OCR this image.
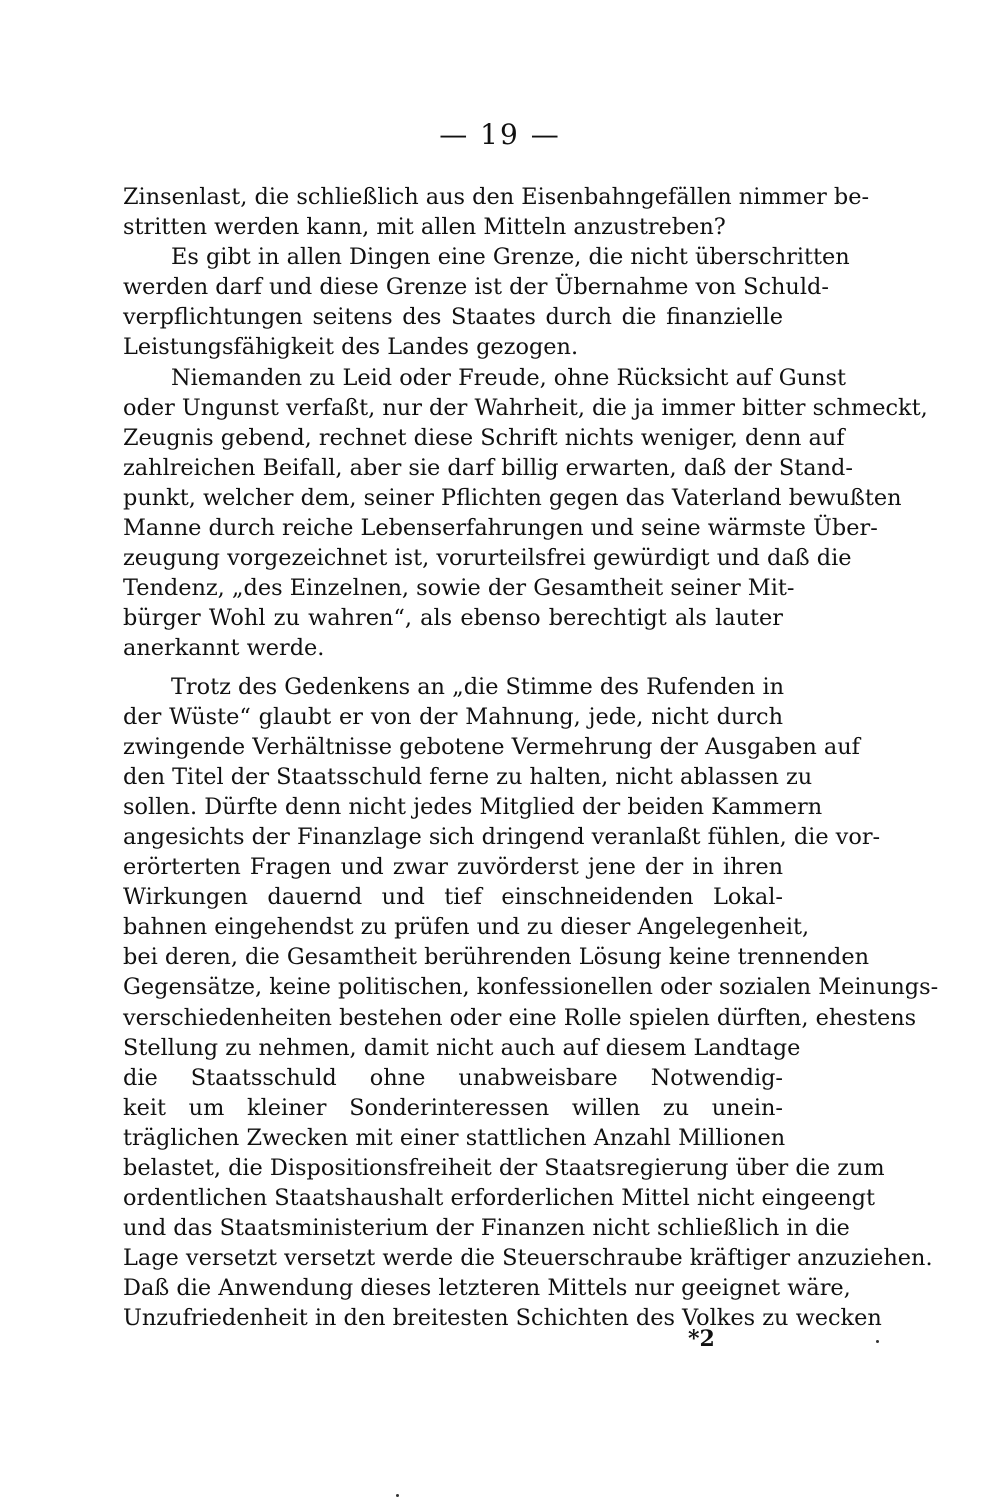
— 19 —
Zinsenlast, die schließlich aus den Eisenbahngefällen nimmer be-
stritten werden kann, mit allen Mitteln anzustreben?
Es gibt in allen Dingen eine Grenze, die nicht überschritten
werden darf und diese Grenze ist der Übernahme von Schuld-
verpflichtungen seitens des Staates durch die finanzielle
Leistungsfähigkeit des Landes gezogen.
Niemanden zu Leid oder Freude, ohne Rücksicht auf Gunst
oder Ungunst verfaßt, nur der Wahrheit, die ja immer bitter schmeckt,
Zeugnis gebend, rechnet diese Schrift nichts weniger, denn auf
zahlreichen Beifall, aber sie darf billig erwarten, daß der Stand-
punkt, welcher dem, seiner Pflichten gegen das Vaterland bewußten
Manne durch reiche Lebenserfahrungen und seine wärmste Über-
zeugung vorgezeichnet ist, vorurteilsfrei gewürdigt und daß die
Tendenz, „des Einzelnen, sowie der Gesamtheit seiner Mit-
bürger Wohl zu wahren“, als ebenso berechtigt als lauter
anerkannt werde.
Trotz des Gedenkens an „die Stimme des Rufenden in
der Wüste“ glaubt er von der Mahnung, jede, nicht durch
zwingende Verhältnisse gebotene Vermehrung der Ausgaben auf
den Titel der Staatsschuld ferne zu halten, nicht ablassen zu
sollen. Dürfte denn nicht jedes Mitglied der beiden Kammern
angesichts der Finanzlage sich dringend veranlaßt fühlen, die vor-
erörterten Fragen und zwar zuvörderst jene der in ihren
Wirkungen dauernd und tief einschneidenden Lokal-
bahnen eingehendst zu prüfen und zu dieser Angelegenheit,
bei deren, die Gesamtheit berührenden Lösung keine trennenden
Gegensätze, keine politischen, konfessionellen oder sozialen Meinungs-
verschiedenheiten bestehen oder eine Rolle spielen dürften, ehestens
Stellung zu nehmen, damit nicht auch auf diesem Landtage
die Staatsschuld ohne unabweisbare Notwendig-
keit um kleiner Sonderinteressen willen zu unein-
träglichen Zwecken mit einer stattlichen Anzahl Millionen
belastet, die Dispositionsfreiheit der Staatsregierung über die zum
ordentlichen Staatshaushalt erforderlichen Mittel nicht eingeengt
und das Staatsministerium der Finanzen nicht schließlich in die
Lage versetzt versetzt werde die Steuerschraube kräftiger anzuziehen.
Daß die Anwendung dieses letzteren Mittels nur geeignet wäre,
Unzufriedenheit in den breitesten Schichten des Volkes zu wecken
*2
